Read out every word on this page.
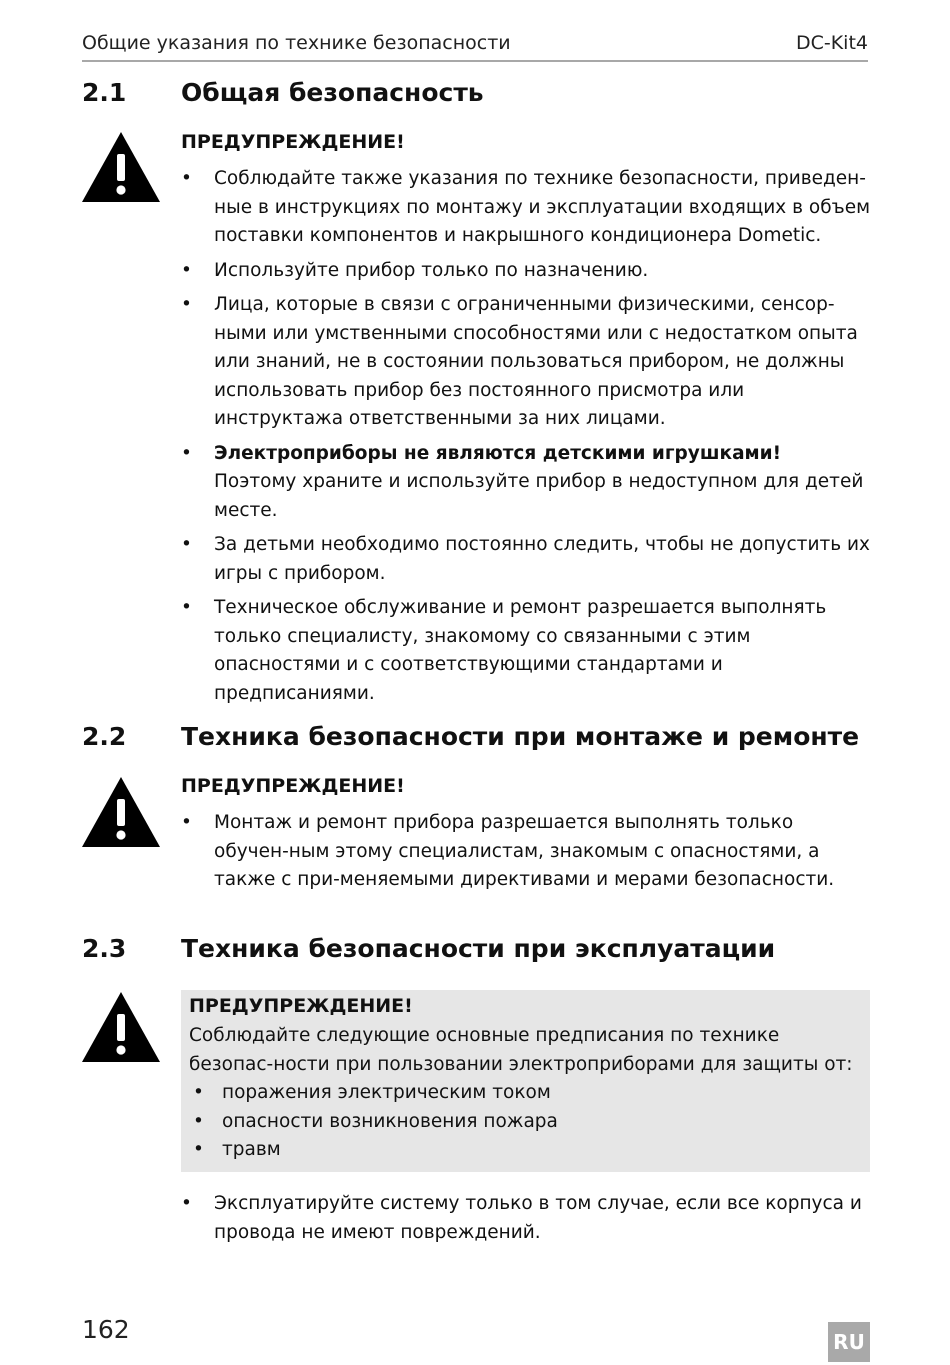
Общие указания по технике безопасности	DC-Kit4
2.1 Общая безопасность
ПРЕДУПРЕЖДЕНИЕ!
• Соблюдайте также указания по технике безопасности, приведен-ные в инструкциях по монтажу и эксплуатации входящих в объем поставки компонентов и накрышного кондиционера Dometic.
• Используйте прибор только по назначению.
• Лица, которые в связи с ограниченными физическими, сенсор-ными или умственными способностями или с недостатком опыта или знаний, не в состоянии пользоваться прибором, не должны использовать прибор без постоянного присмотра или инструктажа ответственными за них лицами.
• Электроприборы не являются детскими игрушками!
Поэтому храните и используйте прибор в недоступном для детей месте.
• За детьми необходимо постоянно следить, чтобы не допустить их игры с прибором.
• Техническое обслуживание и ремонт разрешается выполнять только специалисту, знакомому со связанными с этим опасностями и с соответствующими стандартами и предписаниями.
2.2 Техника безопасности при монтаже и ремонте
ПРЕДУПРЕЖДЕНИЕ!
• Монтаж и ремонт прибора разрешается выполнять только обучен-ным этому специалистам, знакомым с опасностями, а также с при-меняемыми директивами и мерами безопасности.
2.3 Техника безопасности при эксплуатации
ПРЕДУПРЕЖДЕНИЕ!
Соблюдайте следующие основные предписания по технике безопас-ности при пользовании электроприборами для защиты от:
• поражения электрическим током
• опасности возникновения пожара
• травм
• Эксплуатируйте систему только в том случае, если все корпуса и провода не имеют повреждений.
162	RU
